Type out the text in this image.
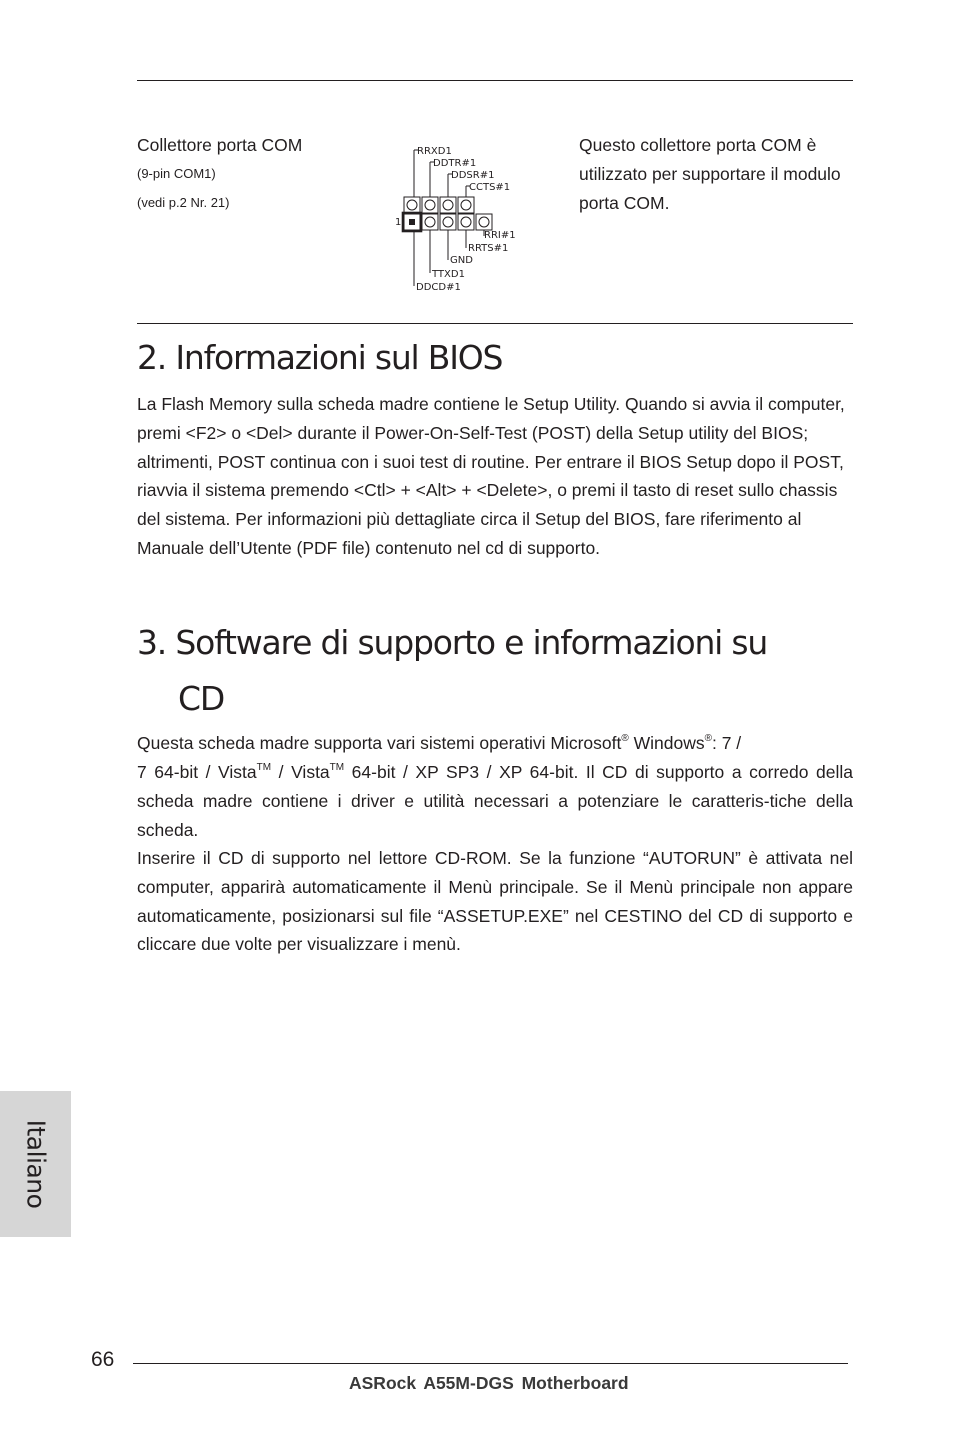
Collettore porta COM
(9-pin COM1)
(vedi p.2 Nr. 21)
RRXD1
DDTR#1
DDSR#1
CCTS#1
1
RRI#1
RRTS#1
GND
TTXD1
DDCD#1
Questo collettore porta COM è utilizzato per supportare il modulo porta COM.
2. Informazioni sul BIOS

La Flash Memory sulla scheda madre contiene le Setup Utility. Quando si avvia il computer, premi <F2> o <Del> durante il Power-On-Self-Test (POST) della Setup utility del BIOS; altrimenti, POST continua con i suoi test di routine. Per entrare il BIOS Setup dopo il POST, riavvia il sistema premendo <Ctl> + <Alt> + <Delete>, o premi il tasto di reset sullo chassis del sistema. Per informazioni più dettagliate circa il Setup del BIOS, fare riferimento al Manuale dell’Utente (PDF file) contenuto nel cd di supporto.

3. Software di supporto e informazioni su
CD
Questa scheda madre supporta vari sistemi operativi Microsoft® Windows®: 7 /

7 64-bit / Vista™ / Vista™ 64-bit / XP SP3 / XP 64-bit. Il CD di supporto a corredo della scheda madre contiene i driver e utilità necessari a potenziare le caratteris-tiche della scheda.

Inserire il CD di supporto nel lettore CD-ROM. Se la funzione “AUTORUN” è attivata nel computer, apparirà automaticamente il Menù principale. Se il Menù principale non appare automaticamente, posizionarsi sul file “ASSETUP.EXE” nel CESTINO del CD di supporto e cliccare due volte per visualizzare i menù.

Italiano
66
ASRock A55M-DGS Motherboard
